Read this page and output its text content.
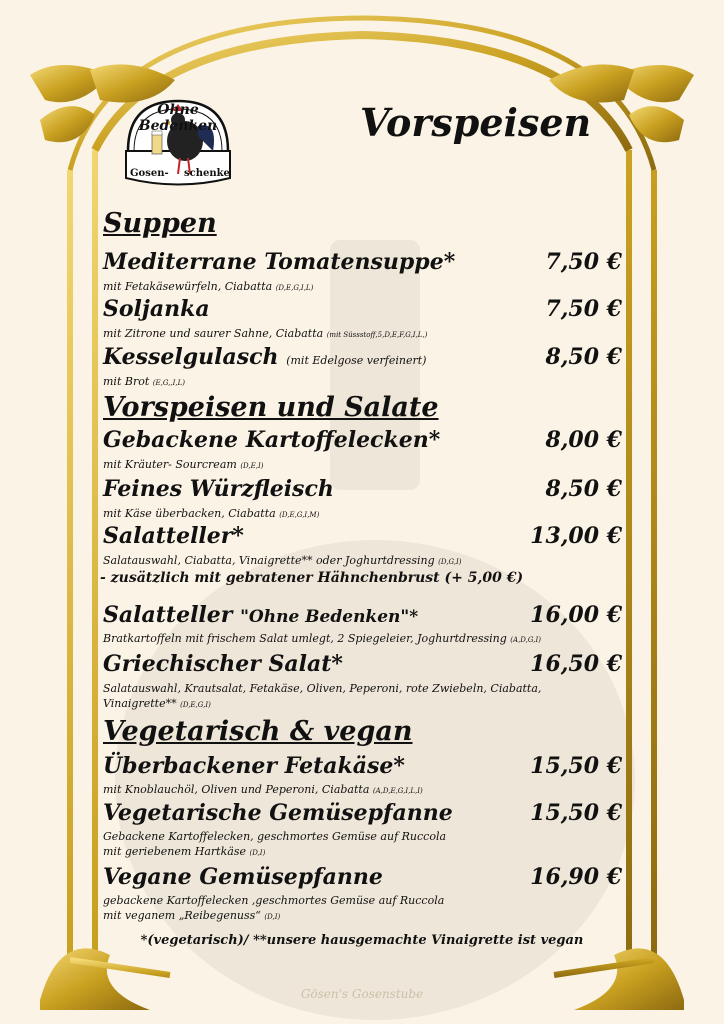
Ohne Bedenken
Gosen- schenke
Vorspeisen
Suppen
Vorspeisen und Salate
Vegetarisch & vegan
Mediterrane Tomatensuppe*	7,50 €
mit Fetakäsewürfeln, Ciabatta (D,E,G,I,L)
Soljanka	7,50 €
mit Zitrone und saurer Sahne, Ciabatta (mit Süssstoff,5,D,E,F,G,I,L,)
Kesselgulasch (mit Edelgose verfeinert)	8,50 €
mit Brot (E,G,,I,L)
Gebackene Kartoffelecken*	8,00 €
mit Kräuter- Sourcream (D,E,I)
Feines Würzfleisch	8,50 €
mit Käse überbacken, Ciabatta (D,E,G,I,M)
Salatteller*	13,00 €
Salatauswahl, Ciabatta, Vinaigrette** oder Joghurtdressing (D,G,I)
- zusätzlich mit gebratener Hähnchenbrust (+ 5,00 €)
Salatteller "Ohne Bedenken"*	16,00 €
Bratkartoffeln mit frischem Salat umlegt, 2 Spiegeleier, Joghurtdressing (A,D,G,I)
Griechischer Salat*	16,50 €
Salatauswahl, Krautsalat, Fetakäse, Oliven, Peperoni, rote Zwiebeln, Ciabatta,
Vinaigrette** (D,E,G,I)
Überbackener Fetakäse*	15,50 €
mit Knoblauchöl, Oliven und Peperoni, Ciabatta (A,D,E,G,I,L,I)
Vegetarische Gemüsepfanne	15,50 €
Gebackene Kartoffelecken, geschmortes Gemüse auf Ruccola
mit geriebenem Hartkäse (D,I)
Vegane Gemüsepfanne	16,90 €
gebackene Kartoffelecken ,geschmortes Gemüse auf Ruccola
mit veganem „Reibegenuss“ (D,I)
*(vegetarisch)/ **unsere hausgemachte Vinaigrette ist vegan
Gösen's Gosenstube
